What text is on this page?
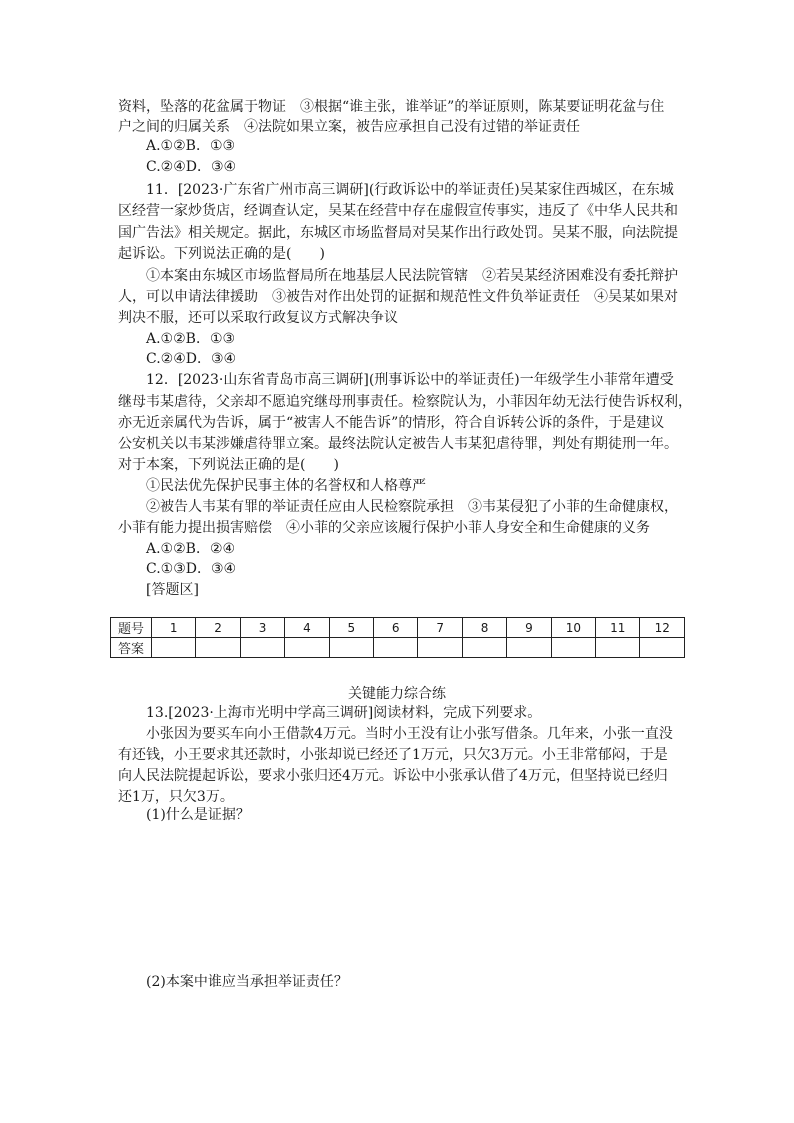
资料，坠落的花盆属于物证　③根据“谁主张，谁举证”的举证原则，陈某要证明花盆与住
户之间的归属关系　④法院如果立案，被告应承担自己没有过错的举证责任
A.①②B．①③
C.②④D．③④
11．[2023·广东省广州市高三调研](行政诉讼中的举证责任)吴某家住西城区，在东城
区经营一家炒货店，经调查认定，吴某在经营中存在虚假宣传事实，违反了《中华人民共和
国广告法》相关规定。据此，东城区市场监督局对吴某作出行政处罚。吴某不服，向法院提
起诉讼。下列说法正确的是(　　)
①本案由东城区市场监督局所在地基层人民法院管辖　②若吴某经济困难没有委托辩护
人，可以申请法律援助　③被告对作出处罚的证据和规范性文件负举证责任　④吴某如果对
判决不服，还可以采取行政复议方式解决争议
A.①②B．①③
C.②④D．③④
12．[2023·山东省青岛市高三调研](刑事诉讼中的举证责任)一年级学生小菲常年遭受
继母韦某虐待，父亲却不愿追究继母刑事责任。检察院认为，小菲因年幼无法行使告诉权利，
亦无近亲属代为告诉，属于“被害人不能告诉”的情形，符合自诉转公诉的条件，于是建议
公安机关以韦某涉嫌虐待罪立案。最终法院认定被告人韦某犯虐待罪，判处有期徒刑一年。
对于本案，下列说法正确的是(　　)
①民法优先保护民事主体的名誉权和人格尊严
②被告人韦某有罪的举证责任应由人民检察院承担　③韦某侵犯了小菲的生命健康权，
小菲有能力提出损害赔偿　④小菲的父亲应该履行保护小菲人身安全和生命健康的义务
A.①②B．②④
C.①③D．③④
[答题区]
题号	1	2	3	4	5	6	7	8	9	10	11	12
答案												
关键能力综合练
13.[2023·上海市光明中学高三调研]阅读材料，完成下列要求。
小张因为要买车向小王借款4万元。当时小王没有让小张写借条。几年来，小张一直没
有还钱，小王要求其还款时，小张却说已经还了1万元，只欠3万元。小王非常郁闷，于是
向人民法院提起诉讼，要求小张归还4万元。诉讼中小张承认借了4万元，但坚持说已经归
还1万，只欠3万。
(1)什么是证据？
(2)本案中谁应当承担举证责任？
